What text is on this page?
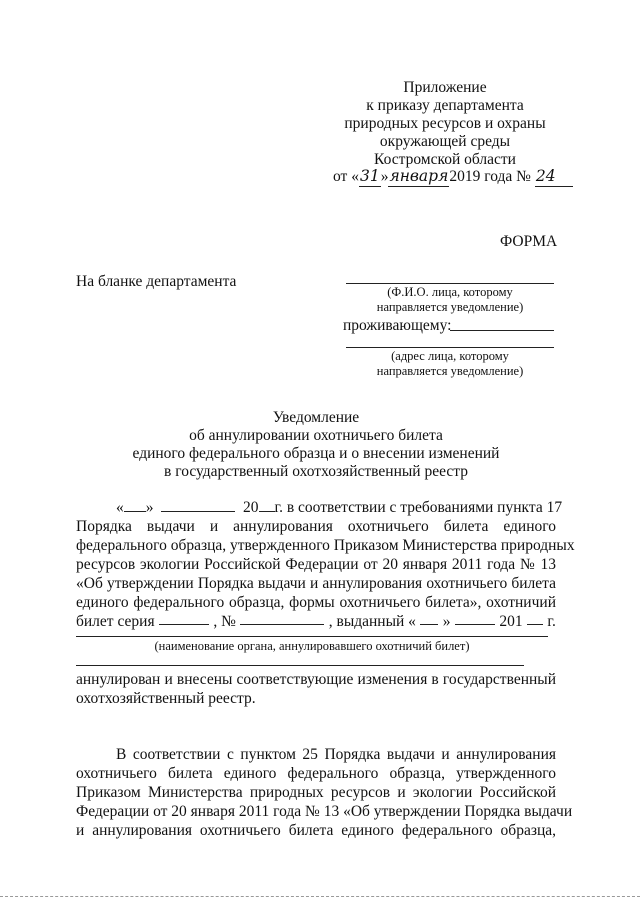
Приложение
к приказу департамента
природных ресурсов и охраны
окружающей среды
Костромской области
от «31»января2019 года № 24
ФОРМА
На бланке департамента
(Ф.И.О. лица, которому
направляется уведомление)
проживающему:
(адрес лица, которому
направляется уведомление)
Уведомление
об аннулировании охотничьего билета
единого федерального образца и о внесении изменений
в государственный охотхозяйственный реестр
« »	20	г. в соответствии с требованиями пункта 17
Порядка выдачи и аннулирования охотничьего билета единого
федерального образца, утвержденного Приказом Министерства природных
ресурсов экологии Российской Федерации от 20 января 2011 года № 13
«Об утверждении Порядка выдачи и аннулирования охотничьего билета
единого федерального образца, формы охотничьего билета», охотничий
билет серия	, №	, выданный « »	201 г.
(наименование органа, аннулировавшего охотничий билет)
аннулирован и внесены соответствующие изменения в государственный
охотхозяйственный реестр.
В соответствии с пунктом 25 Порядка выдачи и аннулирования
охотничьего билета единого федерального образца, утвержденного
Приказом Министерства природных ресурсов и экологии Российской
Федерации от 20 января 2011 года № 13 «Об утверждении Порядка выдачи
и аннулирования охотничьего билета единого федерального образца,
